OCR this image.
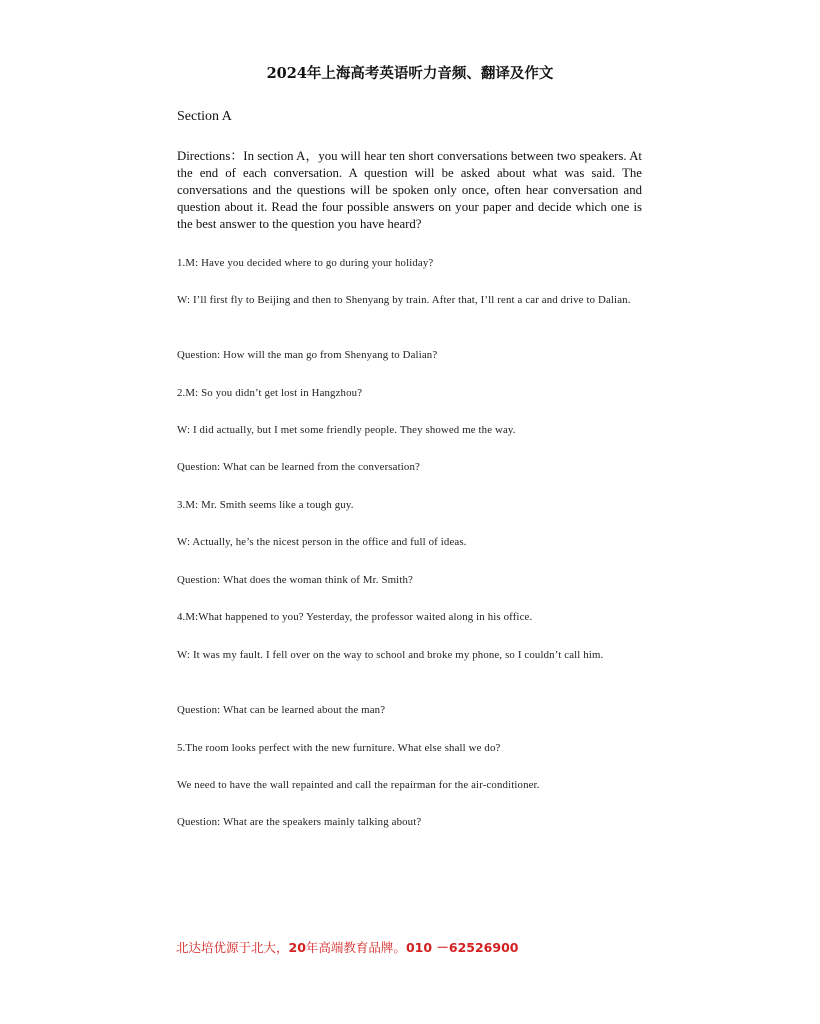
2024年上海高考英语听力音频、翻译及作文
Section A
Directions：In section A，you will hear ten short conversations between two speakers. At the end of each conversation. A question will be asked about what was said. The conversations and the questions will be spoken only once, often hear conversation and question about it. Read the four possible answers on your paper and decide which one is the best answer to the question you have heard?
1.M: Have you decided where to go during your holiday?
W: I’ll first fly to Beijing and then to Shenyang by train. After that, I’ll rent a car and drive to Dalian.
Question: How will the man go from Shenyang to Dalian?
2.M: So you didn’t get lost in Hangzhou?
W: I did actually, but I met some friendly people. They showed me the way.
Question: What can be learned from the conversation?
3.M: Mr. Smith seems like a tough guy.
W: Actually, he’s the nicest person in the office and full of ideas.
Question: What does the woman think of Mr. Smith?
4.M:What happened to you? Yesterday, the professor waited along in his office.
W: It was my fault. I fell over on the way to school and broke my phone, so I couldn’t call him.
Question: What can be learned about the man?
5.The room looks perfect with the new furniture. What else shall we do?
We need to have the wall repainted and call the repairman for the air-conditioner.
Question: What are the speakers mainly talking about?
北达培优源于北大，20年高端教育品牌。010 －62526900
